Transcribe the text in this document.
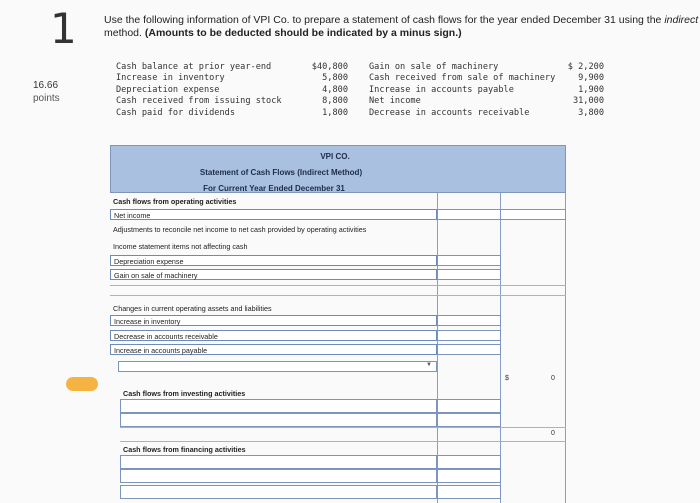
1
16.66
points
Use the following information of VPI Co. to prepare a statement of cash flows for the year ended December 31 using the indirect method. (Amounts to be deducted should be indicated by a minus sign.)
Cash balance at prior year-end
Increase in inventory
Depreciation expense
Cash received from issuing stock
Cash paid for dividends
$40,800
5,800
4,800
8,800
1,800
Gain on sale of machinery
Cash received from sale of machinery
Increase in accounts payable
Net income
Decrease in accounts receivable
$ 2,200
9,900
1,900
31,000
3,800
VPI CO.
Statement of Cash Flows (Indirect Method)
For Current Year Ended December 31
Cash flows from operating activities
Net income
Adjustments to reconcile net income to net cash provided by operating activities
Income statement items not affecting cash
Depreciation expense
Gain on sale of machinery
Changes in current operating assets and liabilities
Increase in inventory
Decrease in accounts receivable
Increase in accounts payable
▼
$	0
Cash flows from investing activities
0
Cash flows from financing activities
